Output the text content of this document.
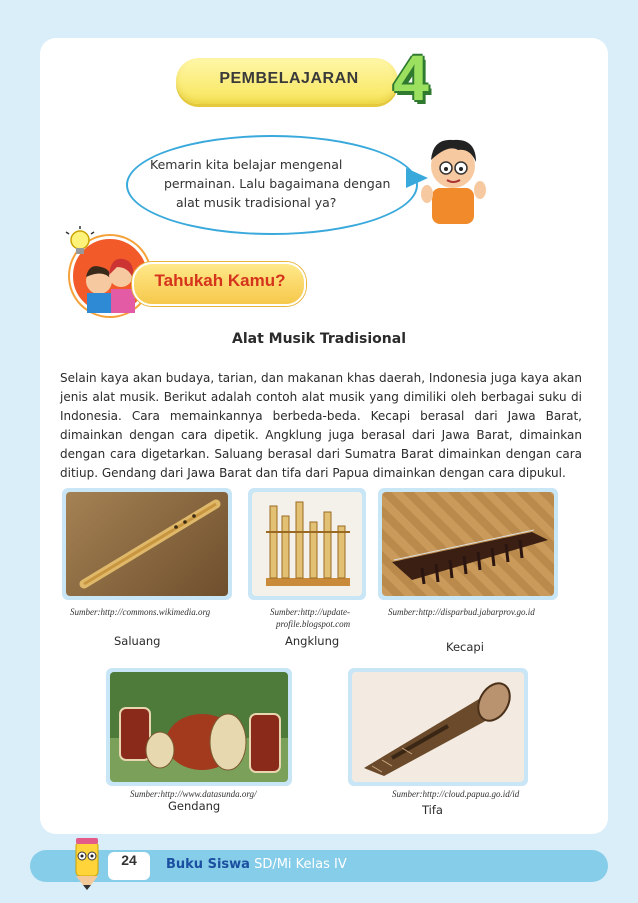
PEMBELAJARAN 4
Kemarin kita belajar mengenal
permainan. Lalu bagaimana dengan
alat musik tradisional ya?
Tahukah Kamu?
Alat Musik Tradisional
Selain kaya akan budaya, tarian, dan makanan khas daerah, Indonesia juga kaya akan jenis alat musik. Berikut adalah contoh alat musik yang dimiliki oleh berbagai suku di Indonesia. Cara memainkannya berbeda-beda. Kecapi berasal dari Jawa Barat, dimainkan dengan cara dipetik. Angklung juga berasal dari Jawa Barat, dimainkan dengan cara digetarkan. Saluang berasal dari Sumatra Barat dimainkan dengan cara ditiup. Gendang dari Jawa Barat dan tifa dari Papua dimainkan dengan cara dipukul.
Sumber:http://commons.wikimedia.org
Saluang
Sumber:http://update-
profile.blogspot.com
Angklung
Sumber:http://disparbud.jabarprov.go.id
Kecapi
Sumber:http://www.datasunda.org/
Gendang
Sumber:http://cloud.papua.go.id/id
Tifa
24	Buku Siswa SD/Mi Kelas IV
